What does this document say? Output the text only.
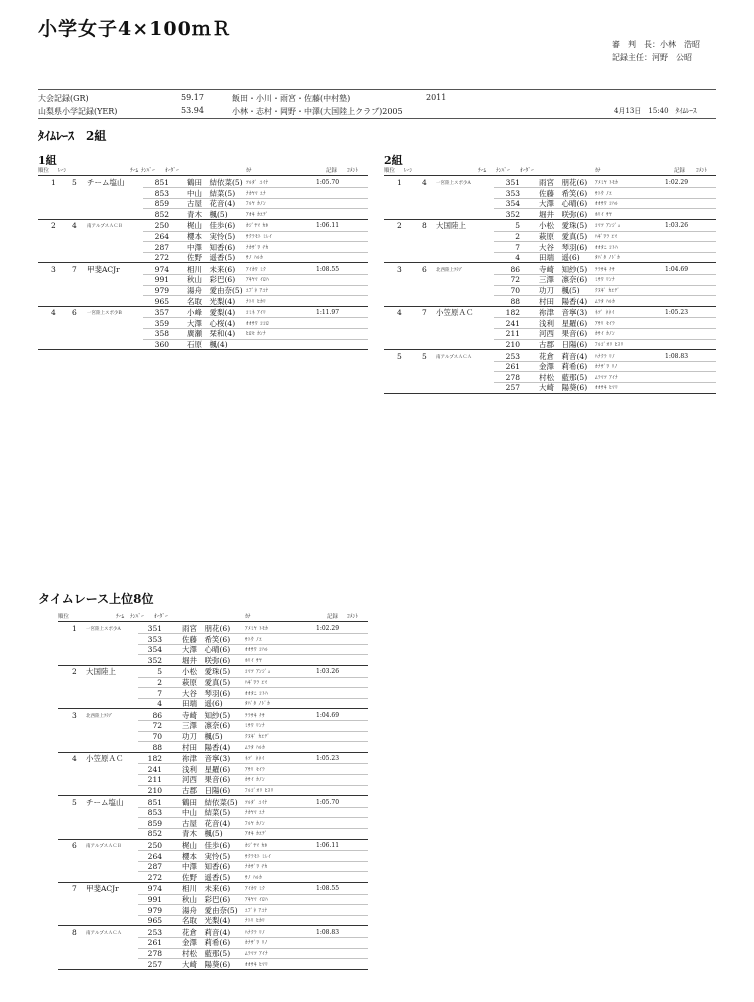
小学女子4×100ｍＲ
審　判　長：小林　浩昭
記録主任：河野　公昭
大会記録(GR)	59.17	飯田・小川・雨宮・佐藤(中村塾)	2011
山梨県小学記録(YER)	53.94	小林・志村・岡野・中澤(大国陸上クラブ)2005	4月13日　15:40　ﾀｲﾑﾚｰｽ
ﾀｲﾑﾚｰｽ　2組
1組
順位 ﾚｰﾝ	ﾁｰﾑ ﾅﾝﾊﾞｰ ｵｰﾀﾞｰ	ｶﾅ	記録 ｺﾒﾝﾄ
1 5 チーム塩山	1:05.70
851 鶴田　結依菜(5) ﾂﾙﾀﾞ ﾕｲﾅ
853 中山　結菜(5) ﾅｶﾔﾏ ﾕﾅ
859 古屋　花音(4) ﾌﾙﾔ ｶﾉﾝ
852 青木　楓(5)	ｱｵｷ ｶｴﾃﾞ
2 4 南アルプスＡＣＢ	1:06.11
250 梶山　佳歩(6) ｶｼﾞﾔﾏ ｶﾎ
264 櫻本　実怜(5) ｻｸﾗﾓﾄ ﾐﾚｲ
287 中澤　知香(6) ﾅｶｻﾞﾜ ﾁｶ
272 佐野　遥香(5) ｻﾉ ﾊﾙｶ
3 7 甲斐ACJr	1:08.55
974 相川　未来(6) ｱｲｶﾜ ﾐｸ
991 秋山　彩巴(6) ｱｷﾔﾏ ｲﾛﾊ
979 湯舟　愛由奈(5) ﾕﾌﾞﾈ ｱﾕﾅ
965 名取　光梨(4) ﾅﾄﾘ ﾋｶﾘ
4 6 一宮陸上スポ少B	1:11.97
357 小峰　愛梨(4) ｺﾐﾈ ｱｲﾘ
359 大澤　心桜(4) ｵｵｻﾜ ｺｺﾛ
358 廣瀬　栞和(4) ﾋﾛｾ ｶﾝﾅ
360 石原　楓(4)
2組
順位 ﾚｰﾝ	ﾁｰﾑ ﾅﾝﾊﾞｰ ｵｰﾀﾞｰ	ｶﾅ	記録 ｺﾒﾝﾄ
1	4 一宮陸上スポ少A	1:02.29
351	雨宮　朋花(6) ｱﾒﾐﾔ ﾄﾓｶ
353	佐藤　希笑(6) ｻﾄｳ ﾉｴ
354	大澤　心晴(6) ｵｵｻﾜ ｺﾊﾙ
352	堀井　咲弥(6) ﾎﾘｲ ｻﾔ
2	8 大国陸上	1:03.26
5	小松　愛珠(5) ｺﾏﾂ ｱﾝｼﾞｭ
2	萩原　愛真(5) ﾊｷﾞﾜﾗ ｴﾏ
7	大谷　琴羽(6) ｵｵﾀﾆ ｺﾄﾊ
4	田端　遥(6)	ﾀﾊﾞﾀ ﾉﾄﾞｶ
3	6 北西陸上ｸﾗﾌﾞ	1:04.69
86	寺崎　知紗(5) ﾃﾗｻｷ ﾁｻ
72	三澤　凛奈(6) ﾐｻﾜ ﾘﾝﾅ
70	功刀　楓(5)	ｸﾇｷﾞ ｶｴﾃﾞ
88	村田　陽香(4) ﾑﾗﾀ ﾊﾙｶ
4	7 小笠原ＡＣ	1:05.23
182	祢津　音寧(3) ﾈﾂﾞ ﾈﾈｲ
241	浅利　星羅(6) ｱｻﾘ ｾｲﾗ
211	河西　果音(6) ｶｻｲ ｶﾉﾝ
210	古郡　日陽(6) ﾌﾙｺﾞｵﾘ ﾋﾖﾘ
5	5 南アルプスＡＣＡ	1:08.83
253	花倉　莉音(4) ﾊﾅｸﾗ ﾘﾉ
261	金澤　莉希(6) ｶﾅｻﾞﾜ ﾘﾉ
278	村松　藍那(5) ﾑﾗﾏﾂ ｱｲﾅ
257	大崎　陽葵(6) ｵｵｻｷ ﾋﾏﾘ
タイムレース上位8位
順位	ﾁｰﾑ ﾅﾝﾊﾞｰ ｵｰﾀﾞｰ	ｶﾅ	記録 ｺﾒﾝﾄ
1 一宮陸上スポ少A	1:02.29
351	雨宮　朋花(6)	ｱﾒﾐﾔ ﾄﾓｶ
353	佐藤　希笑(6)	ｻﾄｳ ﾉｴ
354	大澤　心晴(6)	ｵｵｻﾜ ｺﾊﾙ
352	堀井　咲弥(6)	ﾎﾘｲ ｻﾔ
2 大国陸上	1:03.26
5	小松　愛珠(5)	ｺﾏﾂ ｱﾝｼﾞｭ
2	萩原　愛真(5)	ﾊｷﾞﾜﾗ ｴﾏ
7	大谷　琴羽(6)	ｵｵﾀﾆ ｺﾄﾊ
4	田端　遥(6)	ﾀﾊﾞﾀ ﾉﾄﾞｶ
3 北西陸上ｸﾗﾌﾞ	1:04.69
86	寺崎　知紗(5)	ﾃﾗｻｷ ﾁｻ
72	三澤　凛奈(6)	ﾐｻﾜ ﾘﾝﾅ
70	功刀　楓(5)	ｸﾇｷﾞ ｶｴﾃﾞ
88	村田　陽香(4)	ﾑﾗﾀ ﾊﾙｶ
4 小笠原ＡＣ	1:05.23
182	祢津　音寧(3)	ﾈﾂﾞ ﾈﾈｲ
241	浅利　星羅(6)	ｱｻﾘ ｾｲﾗ
211	河西　果音(6)	ｶｻｲ ｶﾉﾝ
210	古郡　日陽(6)	ﾌﾙｺﾞｵﾘ ﾋﾖﾘ
5 チーム塩山	1:05.70
851	鶴田　結依菜(5) ﾂﾙﾀﾞ ﾕｲﾅ
853	中山　結菜(5)	ﾅｶﾔﾏ ﾕﾅ
859	古屋　花音(4)	ﾌﾙﾔ ｶﾉﾝ
852	青木　楓(5)	ｱｵｷ ｶｴﾃﾞ
6 南アルプスＡＣＢ	1:06.11
250	梶山　佳歩(6)	ｶｼﾞﾔﾏ ｶﾎ
264	櫻本　実怜(5)	ｻｸﾗﾓﾄ ﾐﾚｲ
287	中澤　知香(6)	ﾅｶｻﾞﾜ ﾁｶ
272	佐野　遥香(5)	ｻﾉ ﾊﾙｶ
7 甲斐ACJr	1:08.55
974	相川　未来(6)	ｱｲｶﾜ ﾐｸ
991	秋山　彩巴(6)	ｱｷﾔﾏ ｲﾛﾊ
979	湯舟　愛由奈(5) ﾕﾌﾞﾈ ｱﾕﾅ
965	名取　光梨(4)	ﾅﾄﾘ ﾋｶﾘ
8 南アルプスＡＣＡ	1:08.83
253	花倉　莉音(4)	ﾊﾅｸﾗ ﾘﾉ
261	金澤　莉希(6)	ｶﾅｻﾞﾜ ﾘﾉ
278	村松　藍那(5)	ﾑﾗﾏﾂ ｱｲﾅ
257	大崎　陽葵(6)	ｵｵｻｷ ﾋﾏﾘ
